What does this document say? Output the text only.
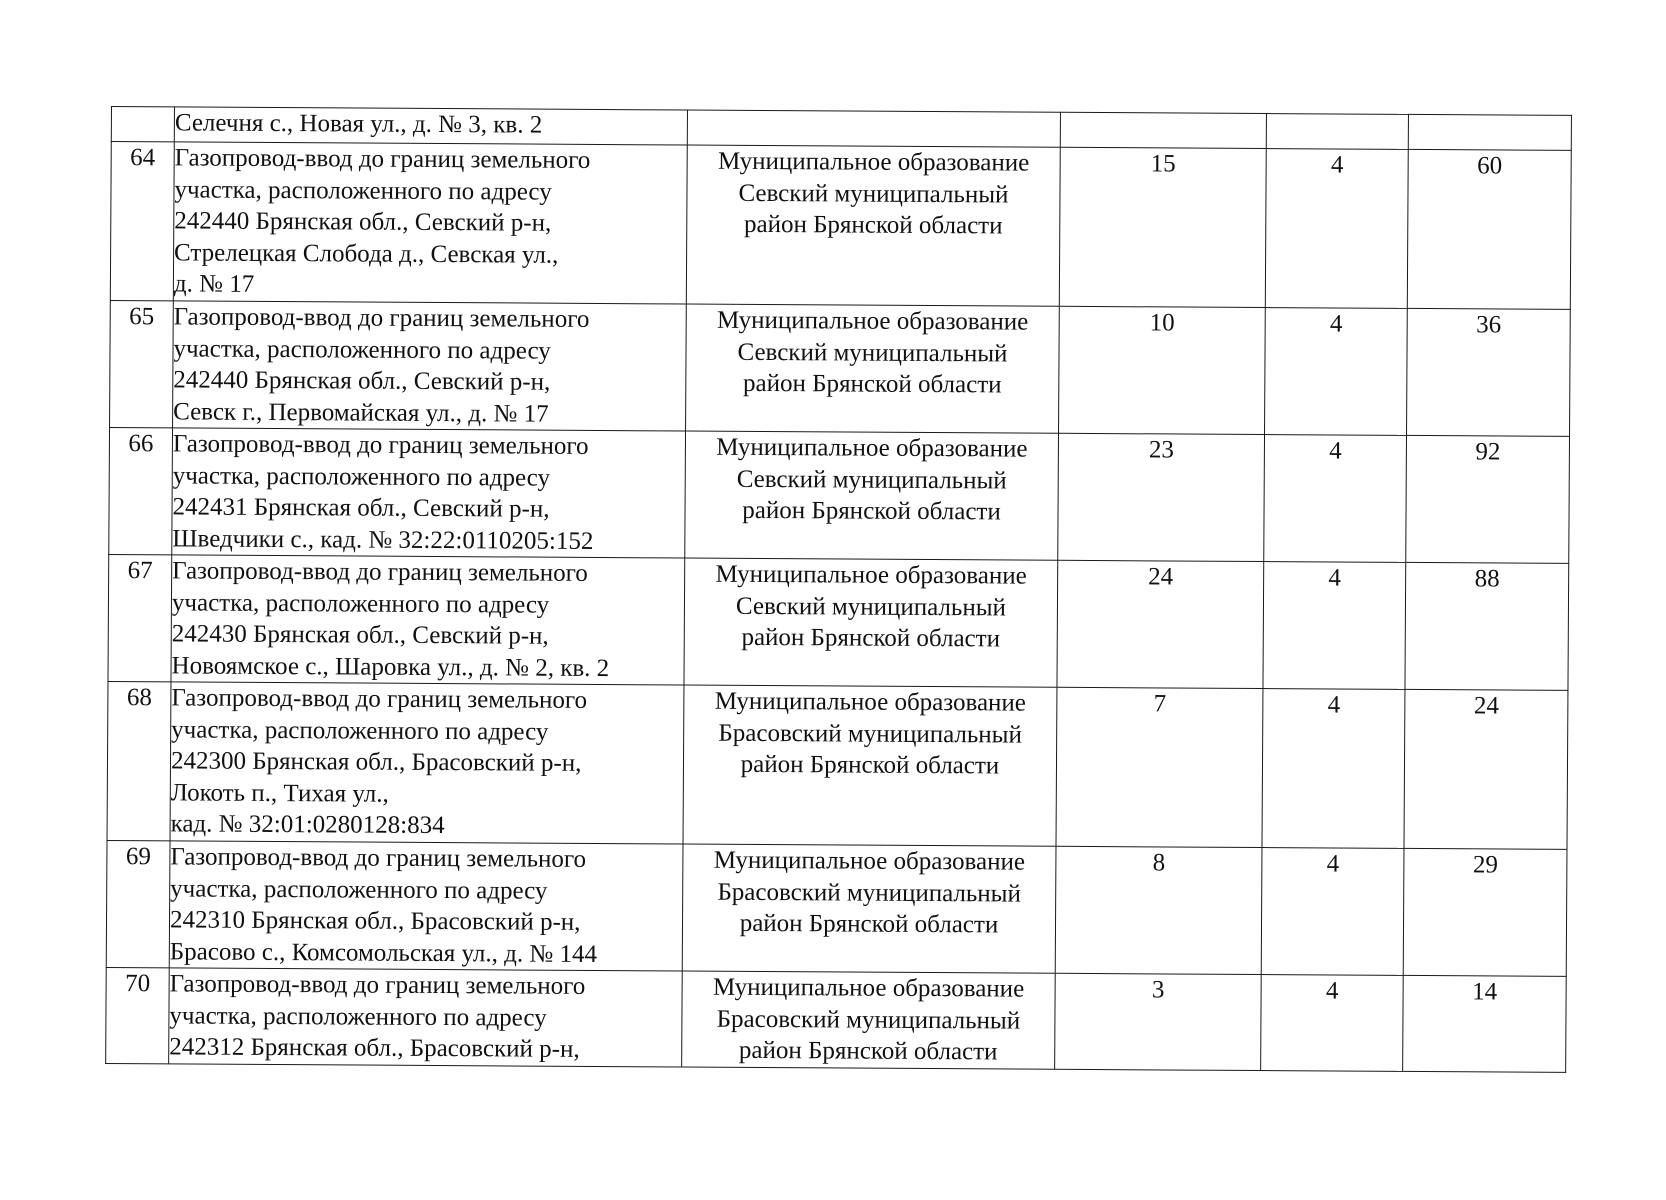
	Селечня с., Новая ул., д. № 3, кв. 2				

64	Газопровод-ввод до границ земельного
участка, расположенного по адресу
242440 Брянская обл., Севский р-н,
Стрелецкая Слобода д., Севская ул.,
д. № 17	Муниципальное образование
Севский муниципальный
район Брянской области	15	4	60
65	Газопровод-ввод до границ земельного
участка, расположенного по адресу
242440 Брянская обл., Севский р-н,
Севск г., Первомайская ул., д. № 17	Муниципальное образование
Севский муниципальный
район Брянской области	10	4	36
66	Газопровод-ввод до границ земельного
участка, расположенного по адресу
242431 Брянская обл., Севский р-н,
Шведчики с., кад. № 32:22:0110205:152	Муниципальное образование
Севский муниципальный
район Брянской области	23	4	92
67	Газопровод-ввод до границ земельного
участка, расположенного по адресу
242430 Брянская обл., Севский р-н,
Новоямское с., Шаровка ул., д. № 2, кв. 2	Муниципальное образование
Севский муниципальный
район Брянской области	24	4	88
68	Газопровод-ввод до границ земельного
участка, расположенного по адресу
242300 Брянская обл., Брасовский р-н,
Локоть п., Тихая ул.,
кад. № 32:01:0280128:834	Муниципальное образование
Брасовский муниципальный
район Брянской области	7	4	24
69	Газопровод-ввод до границ земельного
участка, расположенного по адресу
242310 Брянская обл., Брасовский р-н,
Брасово с., Комсомольская ул., д. № 144	Муниципальное образование
Брасовский муниципальный
район Брянской области	8	4	29
70	Газопровод-ввод до границ земельного
участка, расположенного по адресу
242312 Брянская обл., Брасовский р-н,	Муниципальное образование
Брасовский муниципальный
район Брянской области	3	4	14
